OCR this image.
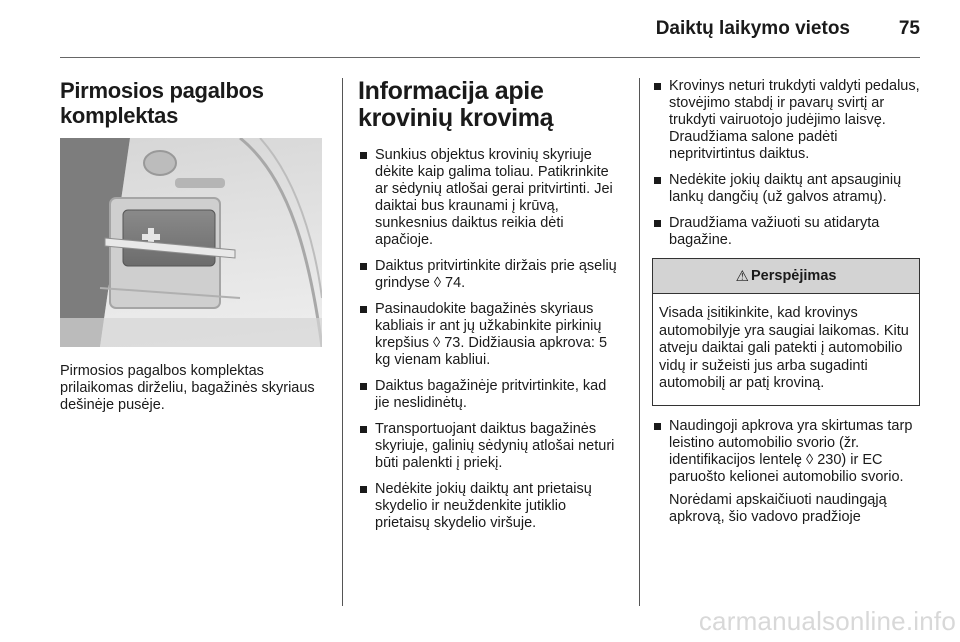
Daiktų laikymo vietos	75
Pirmosios pagalbos komplektas
Pirmosios pagalbos komplektas prilaikomas dirželiu, bagažinės skyriaus dešinėje pusėje.
Informacija apie krovinių krovimą
Sunkius objektus krovinių skyriuje dėkite kaip galima toliau. Patikrinkite ar sėdynių atlošai gerai pritvirtinti. Jei daiktai bus kraunami į krūvą, sunkesnius daiktus reikia dėti apačioje.
Daiktus pritvirtinkite diržais prie ąselių grindyse ◊ 74.
Pasinaudokite bagažinės skyriaus kabliais ir ant jų užkabinkite pirkinių krepšius ◊ 73. Didžiausia apkrova: 5 kg vienam kabliui.
Daiktus bagažinėje pritvirtinkite, kad jie neslidinėtų.
Transportuojant daiktus bagažinės skyriuje, galinių sėdynių atlošai neturi būti palenkti į priekį.
Nedėkite jokių daiktų ant prietaisų skydelio ir neuždenkite jutiklio prietaisų skydelio viršuje.
Krovinys neturi trukdyti valdyti pedalus, stovėjimo stabdį ir pavarų svirtį ar trukdyti vairuotojo judėjimo laisvę. Draudžiama salone padėti nepritvirtintus daiktus.
Nedėkite jokių daiktų ant apsauginių lankų dangčių (už galvos atramų).
Draudžiama važiuoti su atidaryta bagažine.
⚠ Perspėjimas
Visada įsitikinkite, kad krovinys automobilyje yra saugiai laikomas. Kitu atveju daiktai gali patekti į automobilio vidų ir sužeisti jus arba sugadinti automobilį ar patį kroviną.
Naudingoji apkrova yra skirtumas tarp leistino automobilio svorio (žr. identifikacijos lentelę ◊ 230) ir EC paruošto kelionei automobilio svorio.
Norėdami apskaičiuoti naudingąją apkrovą, šio vadovo pradžioje
carmanualsonline.info
